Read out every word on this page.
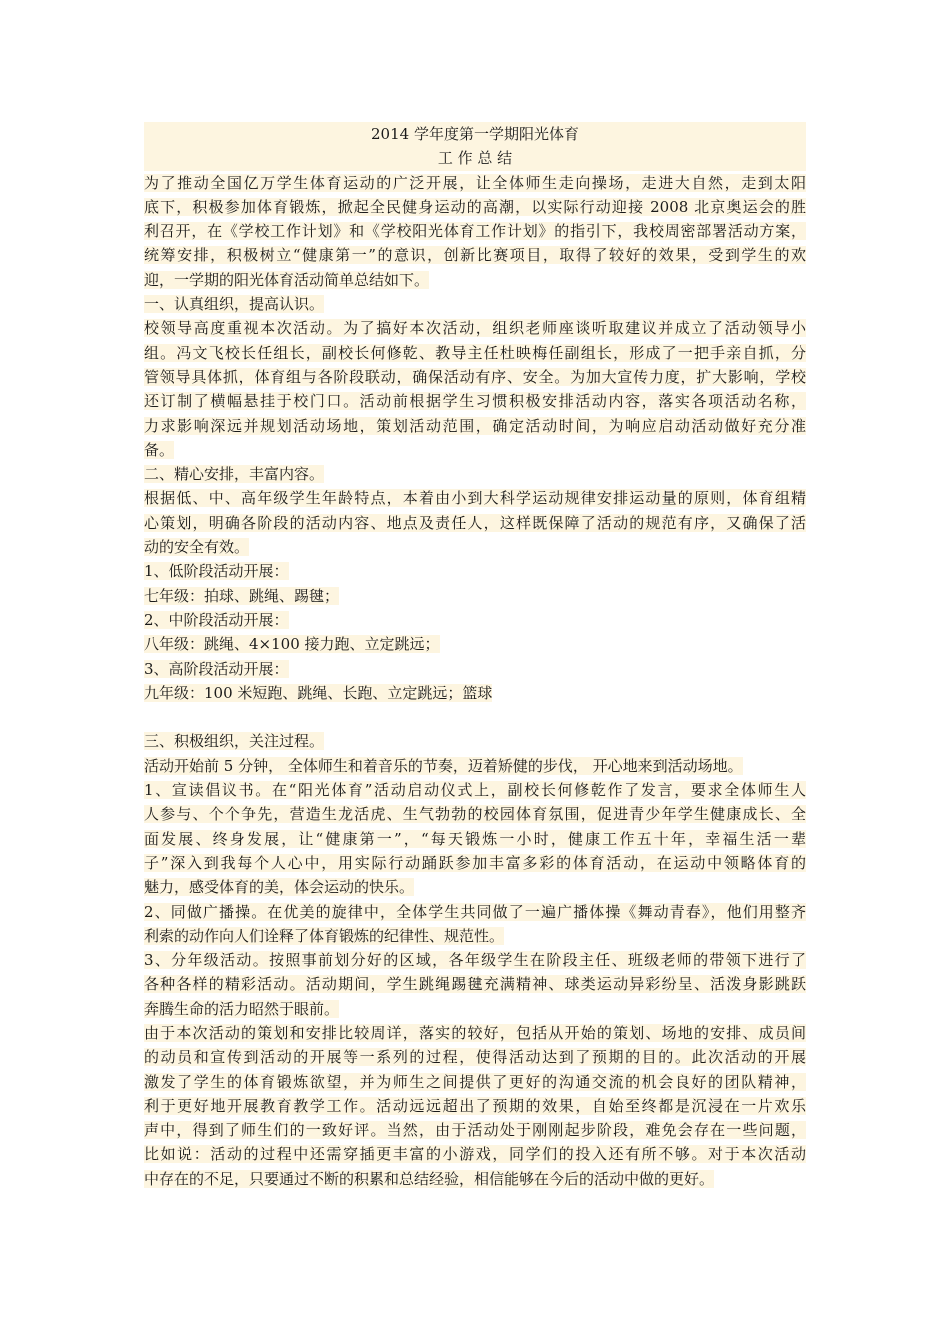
2014 学年度第一学期阳光体育
工 作 总 结
为了推动全国亿万学生体育运动的广泛开展，让全体师生走向操场，走进大自然，走到太阳
底下，积极参加体育锻炼，掀起全民健身运动的高潮，以实际行动迎接 2008 北京奥运会的胜
利召开，在《学校工作计划》和《学校阳光体育工作计划》的指引下，我校周密部署活动方案，
统筹安排，积极树立“健康第一”的意识，创新比赛项目，取得了较好的效果，受到学生的欢
迎，一学期的阳光体育活动简单总结如下。
一、认真组织，提高认识。
校领导高度重视本次活动。为了搞好本次活动，组织老师座谈听取建议并成立了活动领导小
组。冯文飞校长任组长，副校长何修乾、教导主任杜映梅任副组长，形成了一把手亲自抓，分
管领导具体抓，体育组与各阶段联动，确保活动有序、安全。为加大宣传力度，扩大影响，学校
还订制了横幅悬挂于校门口。活动前根据学生习惯积极安排活动内容，落实各项活动名称，
力求影响深远并规划活动场地，策划活动范围，确定活动时间，为响应启动活动做好充分准
备。
二、精心安排，丰富内容。
根据低、中、高年级学生年龄特点，本着由小到大科学运动规律安排运动量的原则，体育组精
心策划，明确各阶段的活动内容、地点及责任人，这样既保障了活动的规范有序，又确保了活
动的安全有效。
1、低阶段活动开展：
七年级：拍球、跳绳、踢毽；
2、中阶段活动开展：
八年级：跳绳、4×100 接力跑、立定跳远；
3、高阶段活动开展：
九年级：100 米短跑、跳绳、长跑、立定跳远；篮球
三、积极组织，关注过程。
活动开始前 5 分钟， 全体师生和着音乐的节奏，迈着矫健的步伐， 开心地来到活动场地。
1、宣读倡议书。在“阳光体育”活动启动仪式上，副校长何修乾作了发言，要求全体师生人
人参与、个个争先，营造生龙活虎、生气勃勃的校园体育氛围，促进青少年学生健康成长、全
面发展、终身发展，让“健康第一”，“每天锻炼一小时，健康工作五十年，幸福生活一辈
子”深入到我每个人心中，用实际行动踊跃参加丰富多彩的体育活动，在运动中领略体育的
魅力，感受体育的美，体会运动的快乐。
2、同做广播操。在优美的旋律中，全体学生共同做了一遍广播体操《舞动青春》，他们用整齐
利索的动作向人们诠释了体育锻炼的纪律性、规范性。
3、分年级活动。按照事前划分好的区域，各年级学生在阶段主任、班级老师的带领下进行了
各种各样的精彩活动。活动期间，学生跳绳踢毽充满精神、球类运动异彩纷呈、活泼身影跳跃
奔腾生命的活力昭然于眼前。
由于本次活动的策划和安排比较周详，落实的较好，包括从开始的策划、场地的安排、成员间
的动员和宣传到活动的开展等一系列的过程，使得活动达到了预期的目的。此次活动的开展
激发了学生的体育锻炼欲望，并为师生之间提供了更好的沟通交流的机会良好的团队精神，
利于更好地开展教育教学工作。活动远远超出了预期的效果，自始至终都是沉浸在一片欢乐
声中，得到了师生们的一致好评。当然，由于活动处于刚刚起步阶段，难免会存在一些问题，
比如说：活动的过程中还需穿插更丰富的小游戏，同学们的投入还有所不够。对于本次活动
中存在的不足，只要通过不断的积累和总结经验，相信能够在今后的活动中做的更好。
